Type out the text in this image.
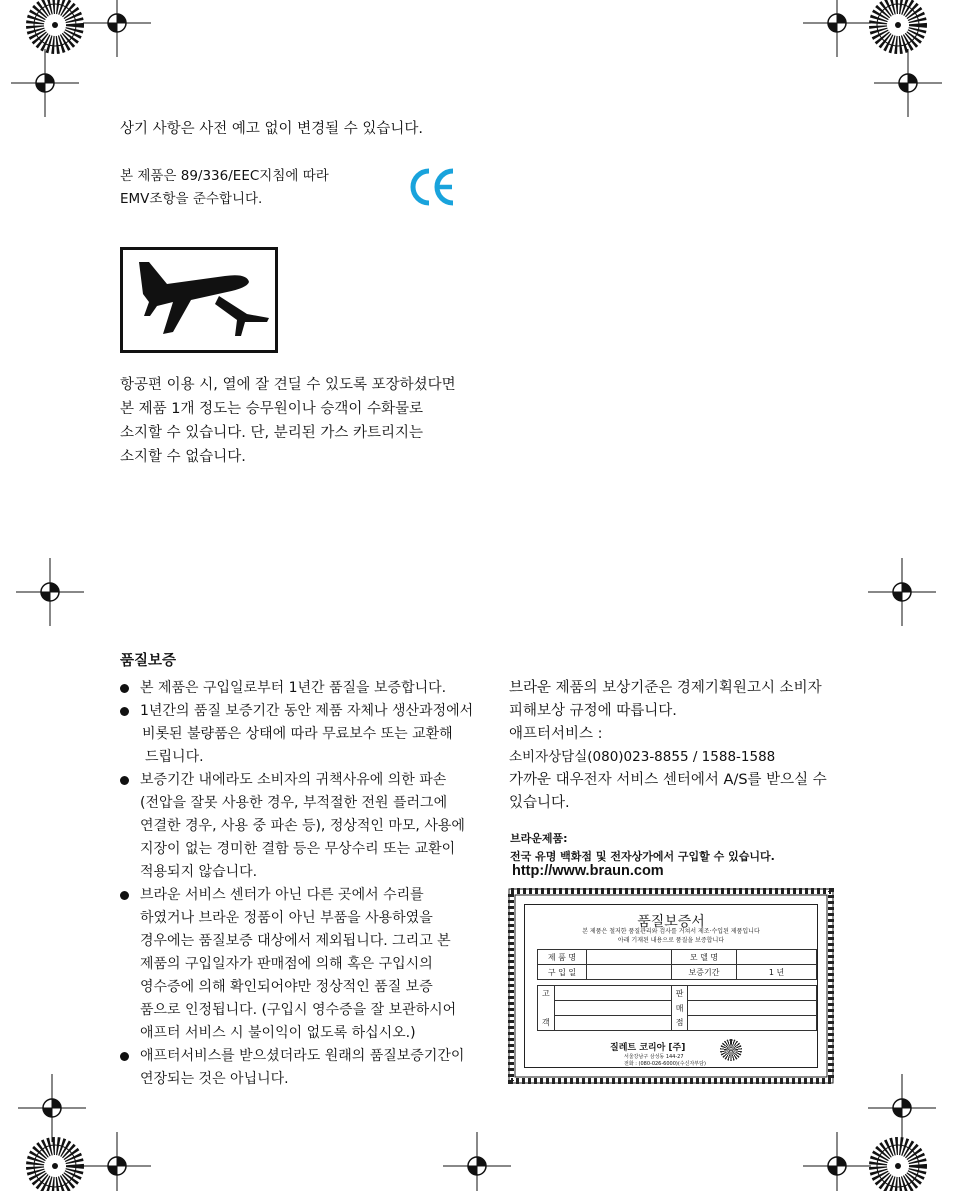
상기 사항은 사전 예고 없이 변경될 수 있습니다.
본 제품은 89/336/EEC지침에 따라
EMV조항을 준수합니다.
항공편 이용 시, 열에 잘 견딜 수 있도록 포장하셨다면
본 제품 1개 정도는 승무원이나 승객이 수화물로
소지할 수 있습니다. 단, 분리된 가스 카트리지는
소지할 수 없습니다.
품질보증
본 제품은 구입일로부터 1년간 품질을 보증합니다.
1년간의 품질 보증기간 동안 제품 자체나 생산과정에서
비롯된 불량품은 상태에 따라 무료보수 또는 교환해
드립니다.
보증기간 내에라도 소비자의 귀책사유에 의한 파손
(전압을 잘못 사용한 경우, 부적절한 전원 플러그에
연결한 경우, 사용 중 파손 등), 정상적인 마모, 사용에
지장이 없는 경미한 결함 등은 무상수리 또는 교환이
적용되지 않습니다.
브라운 서비스 센터가 아닌 다른 곳에서 수리를
하였거나 브라운 정품이 아닌 부품을 사용하였을
경우에는 품질보증 대상에서 제외됩니다. 그리고 본
제품의 구입일자가 판매점에 의해 혹은 구입시의
영수증에 의해 확인되어야만 정상적인 품질 보증
품으로 인정됩니다. (구입시 영수증을 잘 보관하시어
애프터 서비스 시 불이익이 없도록 하십시오.)
애프터서비스를 받으셨더라도 원래의 품질보증기간이
연장되는 것은 아닙니다.
브라운 제품의 보상기준은 경제기획원고시 소비자
피해보상 규정에 따릅니다.
애프터서비스 :
소비자상담실(080)023-8855 / 1588-1588
가까운 대우전자 서비스 센터에서 A/S를 받으실 수
있습니다.
브라운제품:
전국 유명 백화점 및 전자상가에서 구입할 수 있습니다.
http://www.braun.com
품질보증서
본 제품은 철저한 품질관리와 검사를 거쳐서 제조·수입된 제품입니다
아래 기재된 내용으로 품질을 보증합니다
제 품 명		모 델 명	
구 입 일		보증기간	1 년
고		판	
		매	
객		점	
질레트 코리아 [주]
서울강남구 삼성동 144-27
전화 : (080-026-6000)(수신자부담)
